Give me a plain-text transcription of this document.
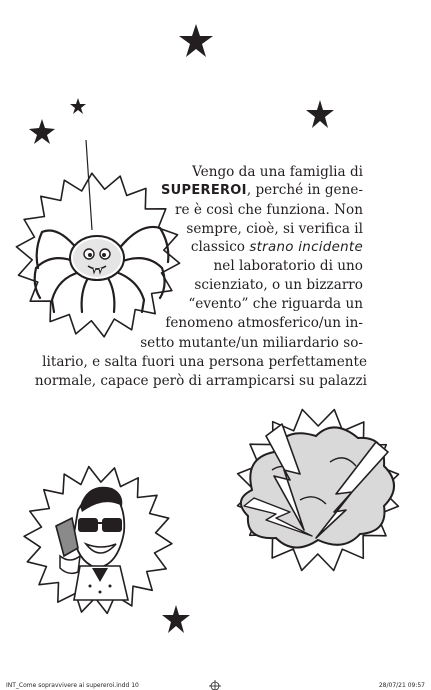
Vengo da una famiglia di
SUPEREROI, perché in gene-
re è così che funziona. Non
sempre, cioè, si verifica il
classico strano incidente
nel laboratorio di uno
scienziato, o un bizzarro
“evento” che riguarda un
fenomeno atmosferico/un in-
setto mutante/un miliardario so-
litario, e salta fuori una persona perfettamente
normale, capace però di arrampicarsi su palazzi
INT_Come sopravvivere ai supereroi.indd 10	28/07/21 09:57
